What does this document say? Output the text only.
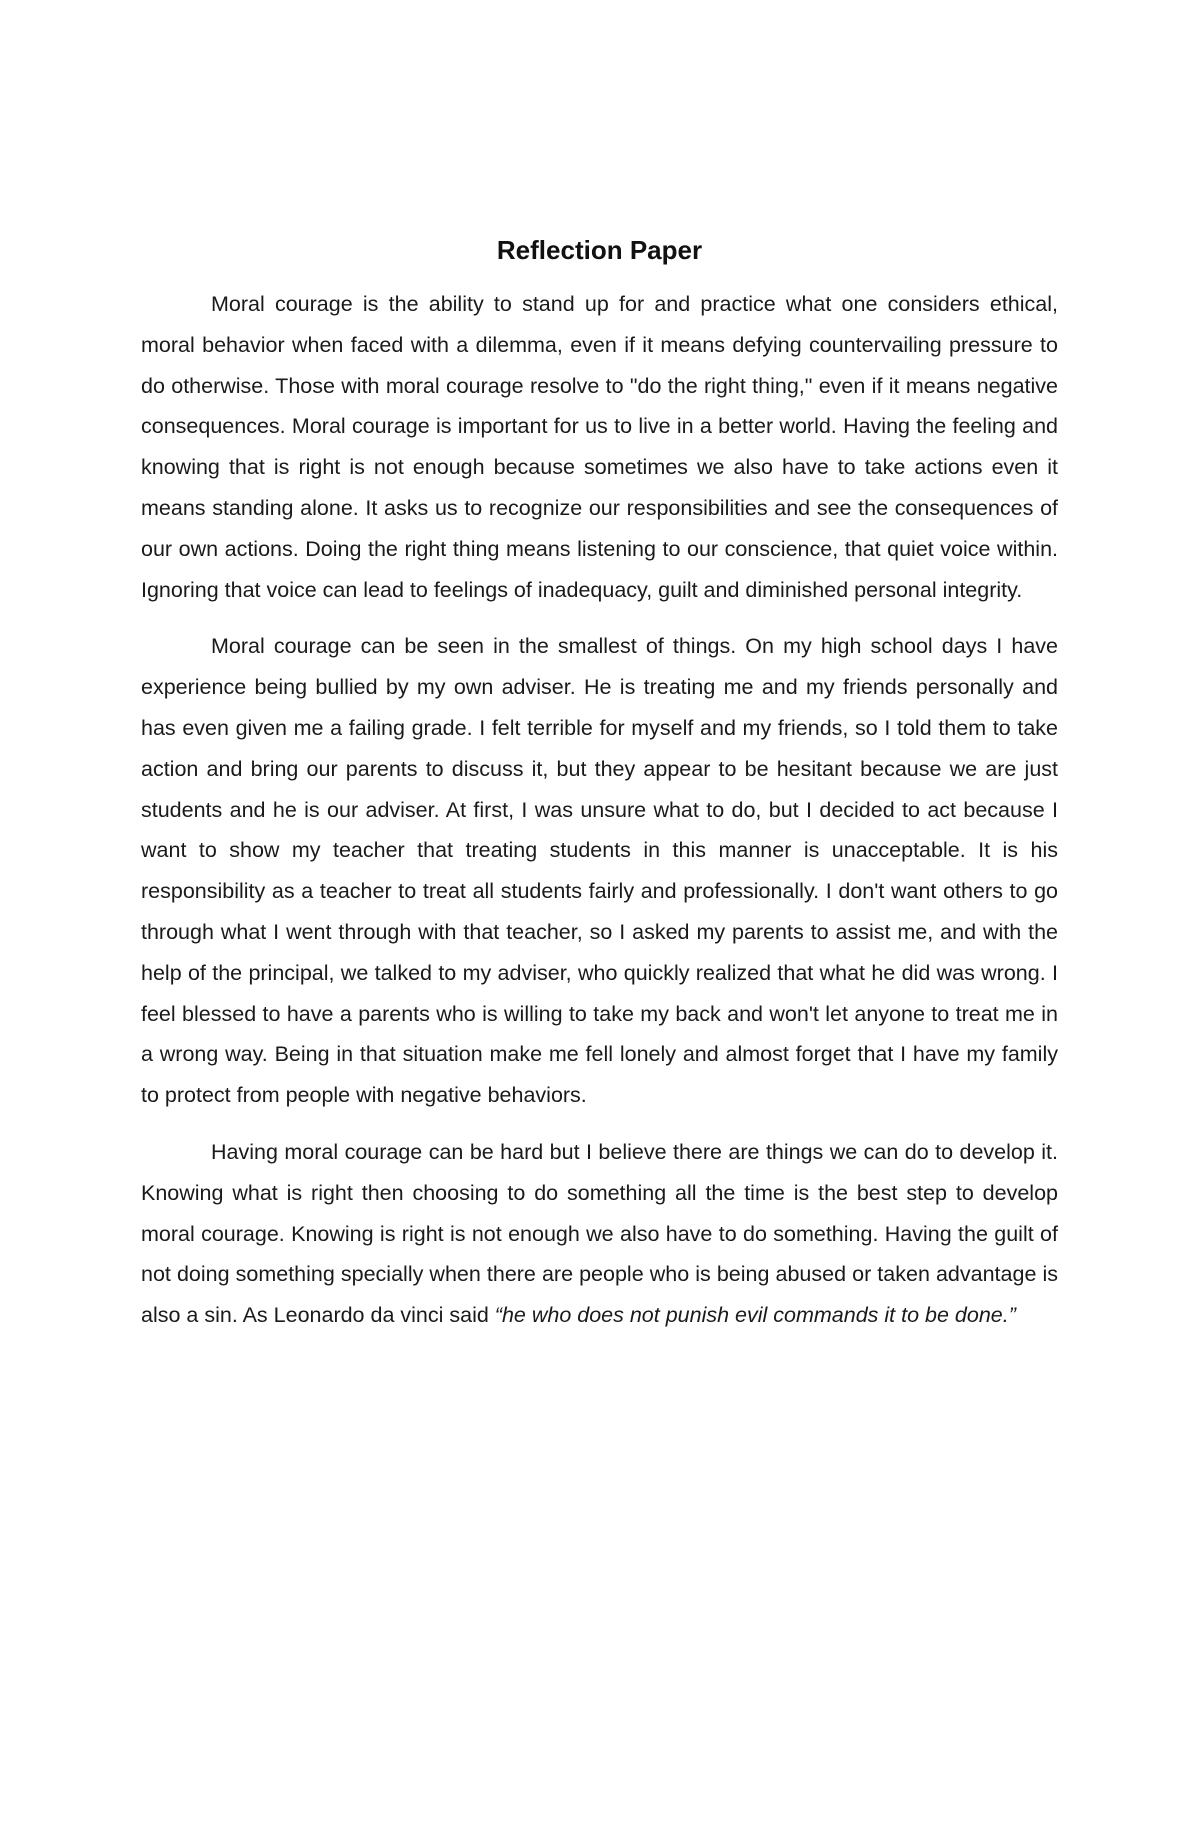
Reflection Paper

Moral courage is the ability to stand up for and practice what one considers ethical, moral behavior when faced with a dilemma, even if it means defying countervailing pressure to do otherwise. Those with moral courage resolve to "do the right thing," even if it means negative consequences. Moral courage is important for us to live in a better world. Having the feeling and knowing that is right is not enough because sometimes we also have to take actions even it means standing alone. It asks us to recognize our responsibilities and see the consequences of our own actions. Doing the right thing means listening to our conscience, that quiet voice within. Ignoring that voice can lead to feelings of inadequacy, guilt and diminished personal integrity.

Moral courage can be seen in the smallest of things. On my high school days I have experience being bullied by my own adviser. He is treating me and my friends personally and has even given me a failing grade. I felt terrible for myself and my friends, so I told them to take action and bring our parents to discuss it, but they appear to be hesitant because we are just students and he is our adviser. At first, I was unsure what to do, but I decided to act because I want to show my teacher that treating students in this manner is unacceptable. It is his responsibility as a teacher to treat all students fairly and professionally. I don't want others to go through what I went through with that teacher, so I asked my parents to assist me, and with the help of the principal, we talked to my adviser, who quickly realized that what he did was wrong. I feel blessed to have a parents who is willing to take my back and won't let anyone to treat me in a wrong way. Being in that situation make me fell lonely and almost forget that I have my family to protect from people with negative behaviors.

Having moral courage can be hard but I believe there are things we can do to develop it. Knowing what is right then choosing to do something all the time is the best step to develop moral courage. Knowing is right is not enough we also have to do something. Having the guilt of not doing something specially when there are people who is being abused or taken advantage is also a sin. As Leonardo da vinci said “he who does not punish evil commands it to be done.”
